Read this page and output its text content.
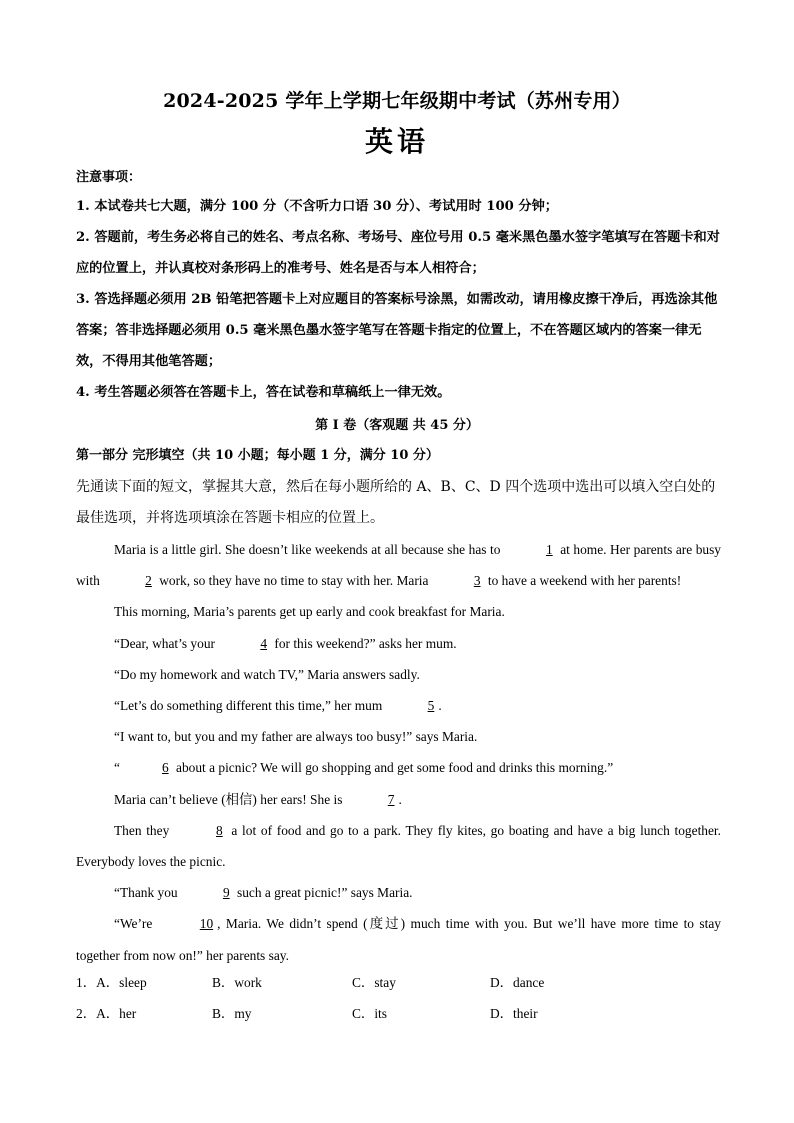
2024-2025 学年上学期七年级期中考试（苏州专用）
英语
注意事项：

1. 本试卷共七大题，满分 100 分（不含听力口语 30 分）、考试用时 100 分钟；

2. 答题前，考生务必将自己的姓名、考点名称、考场号、座位号用 0.5 毫米黑色墨水签字笔填写在答题卡和对应的位置上，并认真校对条形码上的准考号、姓名是否与本人相符合；

3. 答选择题必须用 2B 铅笔把答题卡上对应题目的答案标号涂黑，如需改动，请用橡皮擦干净后，再选涂其他答案；答非选择题必须用 0.5 毫米黑色墨水签字笔写在答题卡指定的位置上，不在答题区域内的答案一律无效，不得用其他笔答题；

4. 考生答题必须答在答题卡上，答在试卷和草稿纸上一律无效。

第 I 卷（客观题 共 45 分）
第一部分 完形填空（共 10 小题；每小题 1 分，满分 10 分）

先通读下面的短文，掌握其大意，然后在每小题所给的 A、B、C、D 四个选项中选出可以填入空白处的最佳选项，并将选项填涂在答题卡相应的位置上。

Maria is a little girl. She doesn’t like weekends at all because she has to	1 at home. Her parents are busy with	2 work, so they have no time to stay with her. Maria	3 to have a weekend with her parents!

This morning, Maria’s parents get up early and cook breakfast for Maria.

“Dear, what’s your	4 for this weekend?” asks her mum.

“Do my homework and watch TV,” Maria answers sadly.

“Let’s do something different this time,” her mum	5 .

“I want to, but you and my father are always too busy!” says Maria.

“	6 about a picnic? We will go shopping and get some food and drinks this morning.”

Maria can’t believe (相信) her ears! She is	7 .

Then they	8 a lot of food and go to a park. They fly kites, go boating and have a big lunch together. Everybody loves the picnic.

“Thank you	9 such a great picnic!” says Maria.

“We’re	10 , Maria. We didn’t spend (度过) much time with you. But we’ll have more time to stay together from now on!” her parents say.

1．A．sleep	B．work	C．stay	D．dance
2．A．her	B．my	C．its	D．their
